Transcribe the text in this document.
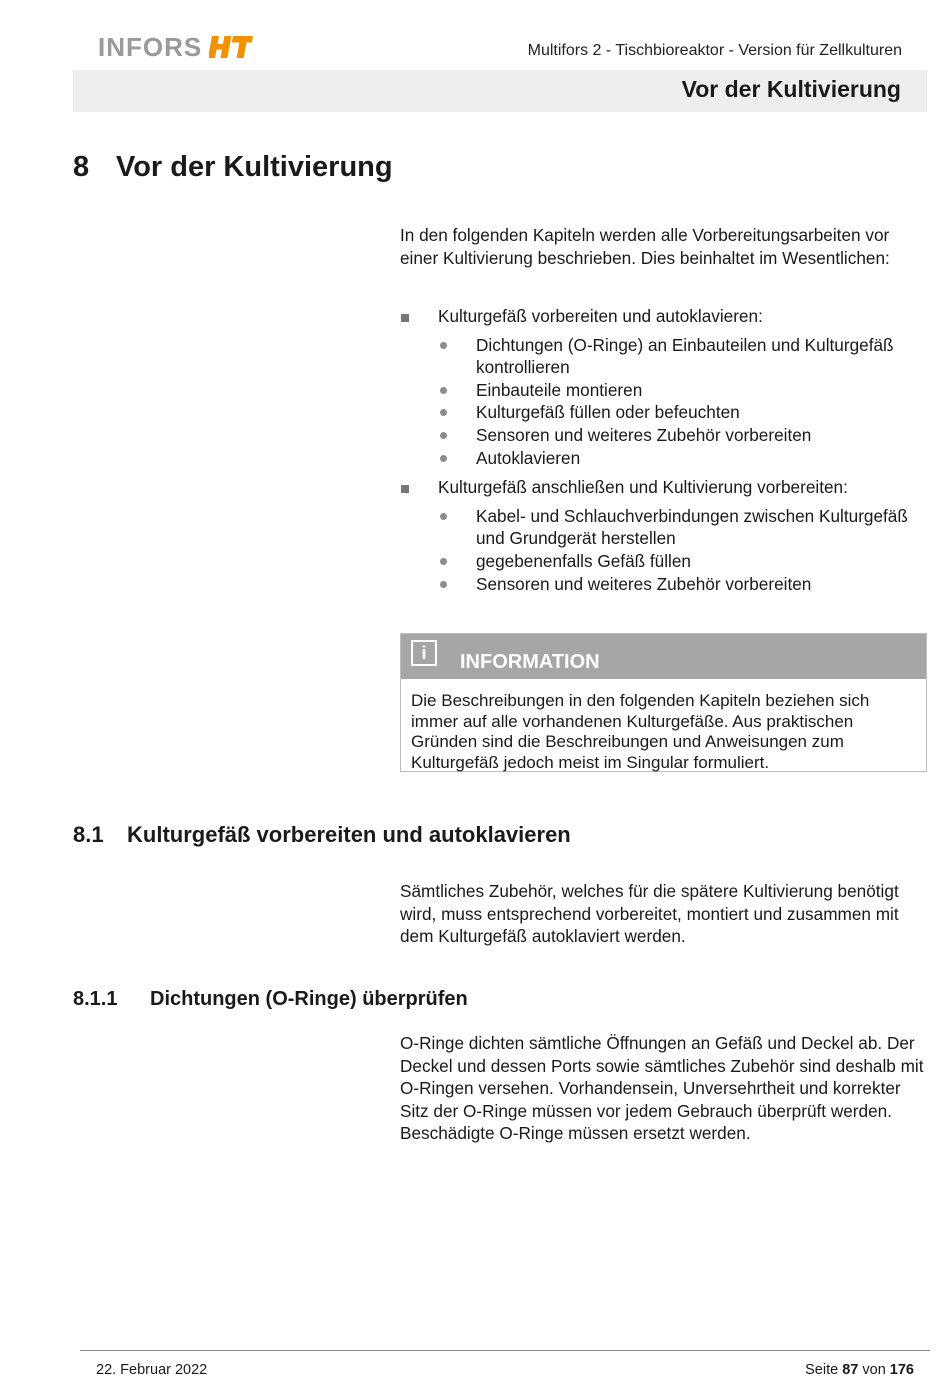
INFORS	Multifors 2 - Tischbioreaktor - Version für Zellkulturen
Vor der Kultivierung
8 Vor der Kultivierung

In den folgenden Kapiteln werden alle Vorbereitungsarbeiten vor einer Kultivierung beschrieben. Dies beinhaltet im Wesentlichen:

Kulturgefäß vorbereiten und autoklavieren:
Dichtungen (O-Ringe) an Einbauteilen und Kulturgefäß kontrollieren
Einbauteile montieren
Kulturgefäß füllen oder befeuchten
Sensoren und weiteres Zubehör vorbereiten
Autoklavieren
Kulturgefäß anschließen und Kultivierung vorbereiten:
Kabel- und Schlauchverbindungen zwischen Kulturgefäß und Grundgerät herstellen
gegebenenfalls Gefäß füllen
Sensoren und weiteres Zubehör vorbereiten
i	INFORMATION
Die Beschreibungen in den folgenden Kapiteln beziehen sich immer auf alle vorhandenen Kulturgefäße. Aus praktischen Gründen sind die Beschreibungen und Anweisungen zum Kulturgefäß jedoch meist im Singular formuliert.
8.1 Kulturgefäß vorbereiten und autoklavieren

Sämtliches Zubehör, welches für die spätere Kultivierung benötigt wird, muss entsprechend vorbereitet, montiert und zusammen mit dem Kulturgefäß autoklaviert werden.

8.1.1 Dichtungen (O-Ringe) überprüfen

O-Ringe dichten sämtliche Öffnungen an Gefäß und Deckel ab. Der Deckel und dessen Ports sowie sämtliches Zubehör sind deshalb mit O-Ringen versehen. Vorhandensein, Unversehrtheit und korrekter Sitz der O-Ringe müssen vor jedem Gebrauch überprüft werden. Beschädigte O-Ringe müssen ersetzt werden.

22. Februar 2022	Seite 87 von 176
